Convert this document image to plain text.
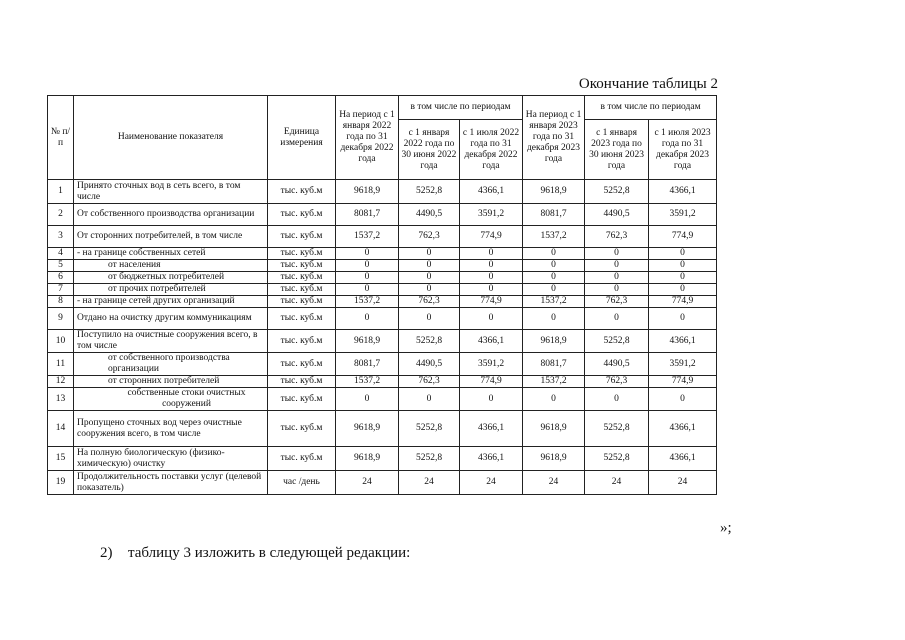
Окончание таблицы 2
№ п/п	Наименование показателя	Единица измерения	На период с 1 января 2022 года по 31 декабря 2022 года	в том числе по периодам		На период с 1 января 2023 года по 31 декабря 2023 года	в том числе по периодам	
				с 1 января 2022 года по 30 июня 2022 года	с 1 июля 2022 года по 31 декабря 2022 года		с 1 января 2023 года по 30 июня 2023 года	с 1 июля 2023 года по 31 декабря 2023 года
1	Принято сточных вод в сеть всего, в том числе	тыс. куб.м	9618,9	5252,8	4366,1	9618,9	5252,8	4366,1
2	От собственного производства организации	тыс. куб.м	8081,7	4490,5	3591,2	8081,7	4490,5	3591,2
3	От сторонних потребителей, в том числе	тыс. куб.м	1537,2	762,3	774,9	1537,2	762,3	774,9
4	- на границе собственных сетей	тыс. куб.м	0	0	0	0	0	0
5	от населения	тыс. куб.м	0	0	0	0	0	0
6	от бюджетных потребителей	тыс. куб.м	0	0	0	0	0	0
7	от прочих потребителей	тыс. куб.м	0	0	0	0	0	0
8	- на границе сетей других организаций	тыс. куб.м	1537,2	762,3	774,9	1537,2	762,3	774,9
9	Отдано на очистку другим коммуникациям	тыс. куб.м	0	0	0	0	0	0
10	Поступило на очистные сооружения всего, в том числе	тыс. куб.м	9618,9	5252,8	4366,1	9618,9	5252,8	4366,1
11	от собственного производства организации	тыс. куб.м	8081,7	4490,5	3591,2	8081,7	4490,5	3591,2
12	от сторонних потребителей	тыс. куб.м	1537,2	762,3	774,9	1537,2	762,3	774,9
13	собственные стоки очистных сооружений	тыс. куб.м	0	0	0	0	0	0
14	Пропущено сточных вод через очистные сооружения всего, в том числе	тыс. куб.м	9618,9	5252,8	4366,1	9618,9	5252,8	4366,1
15	На полную биологическую (физико-химическую) очистку	тыс. куб.м	9618,9	5252,8	4366,1	9618,9	5252,8	4366,1
19	Продолжительность поставки услуг (целевой показатель)	час /день	24	24	24	24	24	24
»;
2) таблицу 3 изложить в следующей редакции:
